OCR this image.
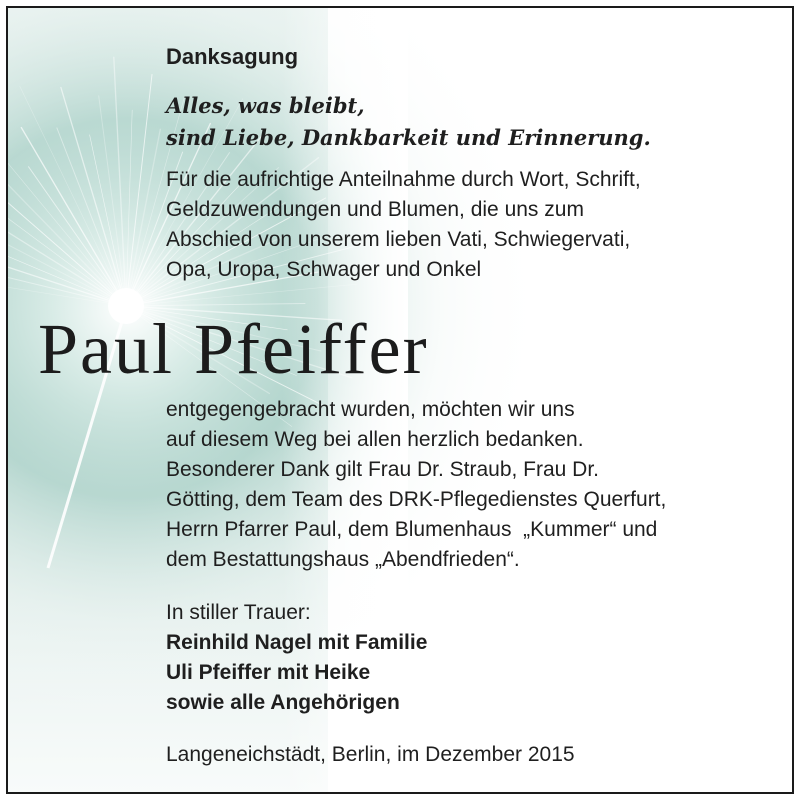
Danksagung

Alles, was bleibt,

sind Liebe, Dankbarkeit und Erinnerung.

Für die aufrichtige Anteilnahme durch Wort, Schrift,

Geldzuwendungen und Blumen, die uns zum

Abschied von unserem lieben Vati, Schwiegervati,

Opa, Uropa, Schwager und Onkel

Paul Pfeiffer

entgegengebracht wurden, möchten wir uns

auf diesem Weg bei allen herzlich bedanken.

Besonderer Dank gilt Frau Dr. Straub, Frau Dr.

Götting, dem Team des DRK-Pflegedienstes Querfurt,

Herrn Pfarrer Paul, dem Blumenhaus  „Kummer“ und

dem Bestattungshaus „Abendfrieden“.

In stiller Trauer:

Reinhild Nagel mit Familie

Uli Pfeiffer mit Heike

sowie alle Angehörigen

Langeneichstädt, Berlin, im Dezember 2015
